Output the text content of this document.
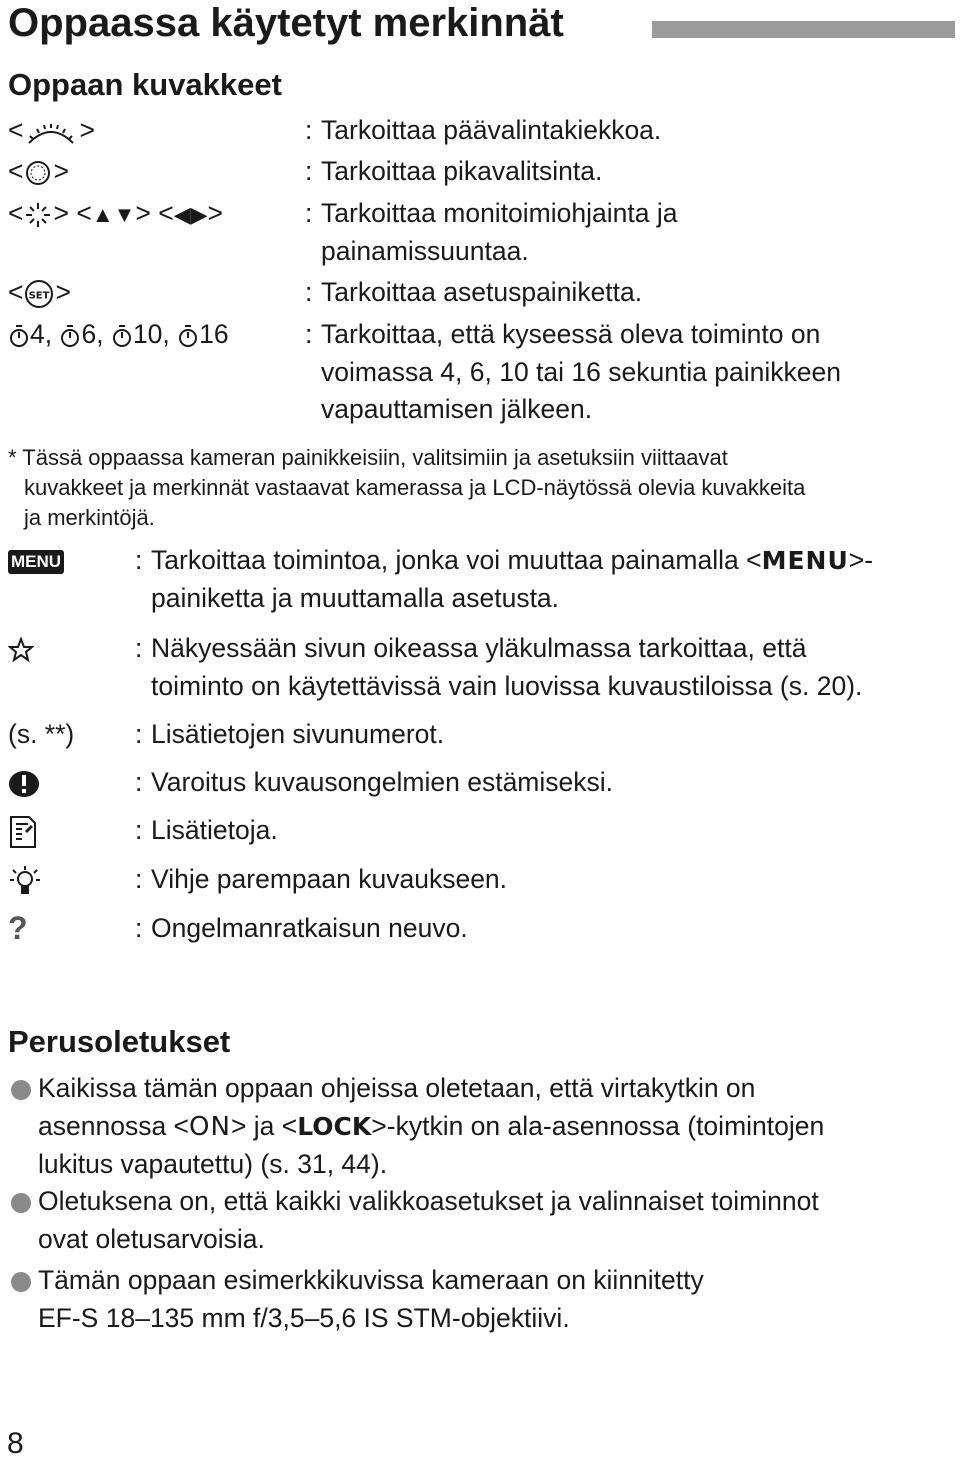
Oppaassa käytetyt merkinnät
Oppaan kuvakkeet
< >	: Tarkoittaa päävalintakiekkoa.
< >	: Tarkoittaa pikavalitsinta.
< > <▲▼> <◀▶>	: Tarkoittaa monitoimiohjainta ja
painamissuuntaa.
< SET >	: Tarkoittaa asetuspainiketta.
4, 6, 10, 16	: Tarkoittaa, että kyseessä oleva toiminto on
voimassa 4, 6, 10 tai 16 sekuntia painikkeen
vapauttamisen jälkeen.
* Tässä oppaassa kameran painikkeisiin, valitsimiin ja asetuksiin viittaavat
kuvakkeet ja merkinnät vastaavat kamerassa ja LCD-näytössä olevia kuvakkeita
ja merkintöjä.
MENU	: Tarkoittaa toimintoa, jonka voi muuttaa painamalla <MENU>-
painiketta ja muuttamalla asetusta.
: Näkyessään sivun oikeassa yläkulmassa tarkoittaa, että
toiminto on käytettävissä vain luovissa kuvaustiloissa (s. 20).
(s. **) : Lisätietojen sivunumerot.
: Varoitus kuvausongelmien estämiseksi.
: Lisätietoja.
: Vihje parempaan kuvaukseen.
?	: Ongelmanratkaisun neuvo.
Perusoletukset
Kaikissa tämän oppaan ohjeissa oletetaan, että virtakytkin on
asennossa <ON> ja <LOCK>-kytkin on ala-asennossa (toimintojen
lukitus vapautettu) (s. 31, 44).
Oletuksena on, että kaikki valikkoasetukset ja valinnaiset toiminnot
ovat oletusarvoisia.
Tämän oppaan esimerkkikuvissa kameraan on kiinnitetty
EF-S 18–135 mm f/3,5–5,6 IS STM-objektiivi.
8
